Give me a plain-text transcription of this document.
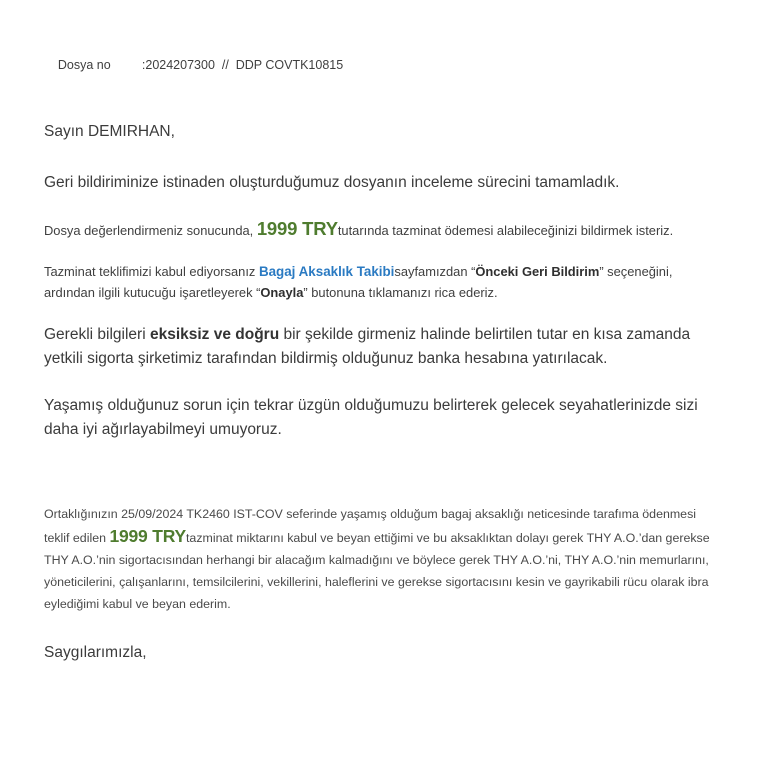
Dosya no :2024207300  //  DDP COVTK10815

Sayın DEMIRHAN,

Geri bildiriminize istinaden oluşturduğumuz dosyanın inceleme sürecini tamamladık.

Dosya değerlendirmeniz sonucunda, 1999 TRYtutarında tazminat ödemesi alabileceğinizi bildirmek isteriz.

Tazminat teklifimizi kabul ediyorsanız Bagaj Aksaklık Takibisayfamızdan “Önceki Geri Bildirim” seçeneğini, ardından ilgili kutucuğu işaretleyerek “Onayla” butonuna tıklamanızı rica ederiz.

Gerekli bilgileri eksiksiz ve doğru bir şekilde girmeniz halinde belirtilen tutar en kısa zamanda yetkili sigorta şirketimiz tarafından bildirmiş olduğunuz banka hesabına yatırılacak.

Yaşamış olduğunuz sorun için tekrar üzgün olduğumuzu belirterek gelecek seyahatlerinizde sizi daha iyi ağırlayabilmeyi umuyoruz.

Ortaklığınızın 25/09/2024 TK2460 IST-COV seferinde yaşamış olduğum bagaj aksaklığı neticesinde tarafıma ödenmesi teklif edilen 1999 TRYtazminat miktarını kabul ve beyan ettiğimi ve bu aksaklıktan dolayı gerek THY A.O.’dan gerekse THY A.O.’nin sigortacısından herhangi bir alacağım kalmadığını ve böylece gerek THY A.O.’ni, THY A.O.’nin memurlarını, yöneticilerini, çalışanlarını, temsilcilerini, vekillerini, haleflerini ve gerekse sigortacısını kesin ve gayrikabili rücu olarak ibra eylediğimi kabul ve beyan ederim.

Saygılarımızla,
